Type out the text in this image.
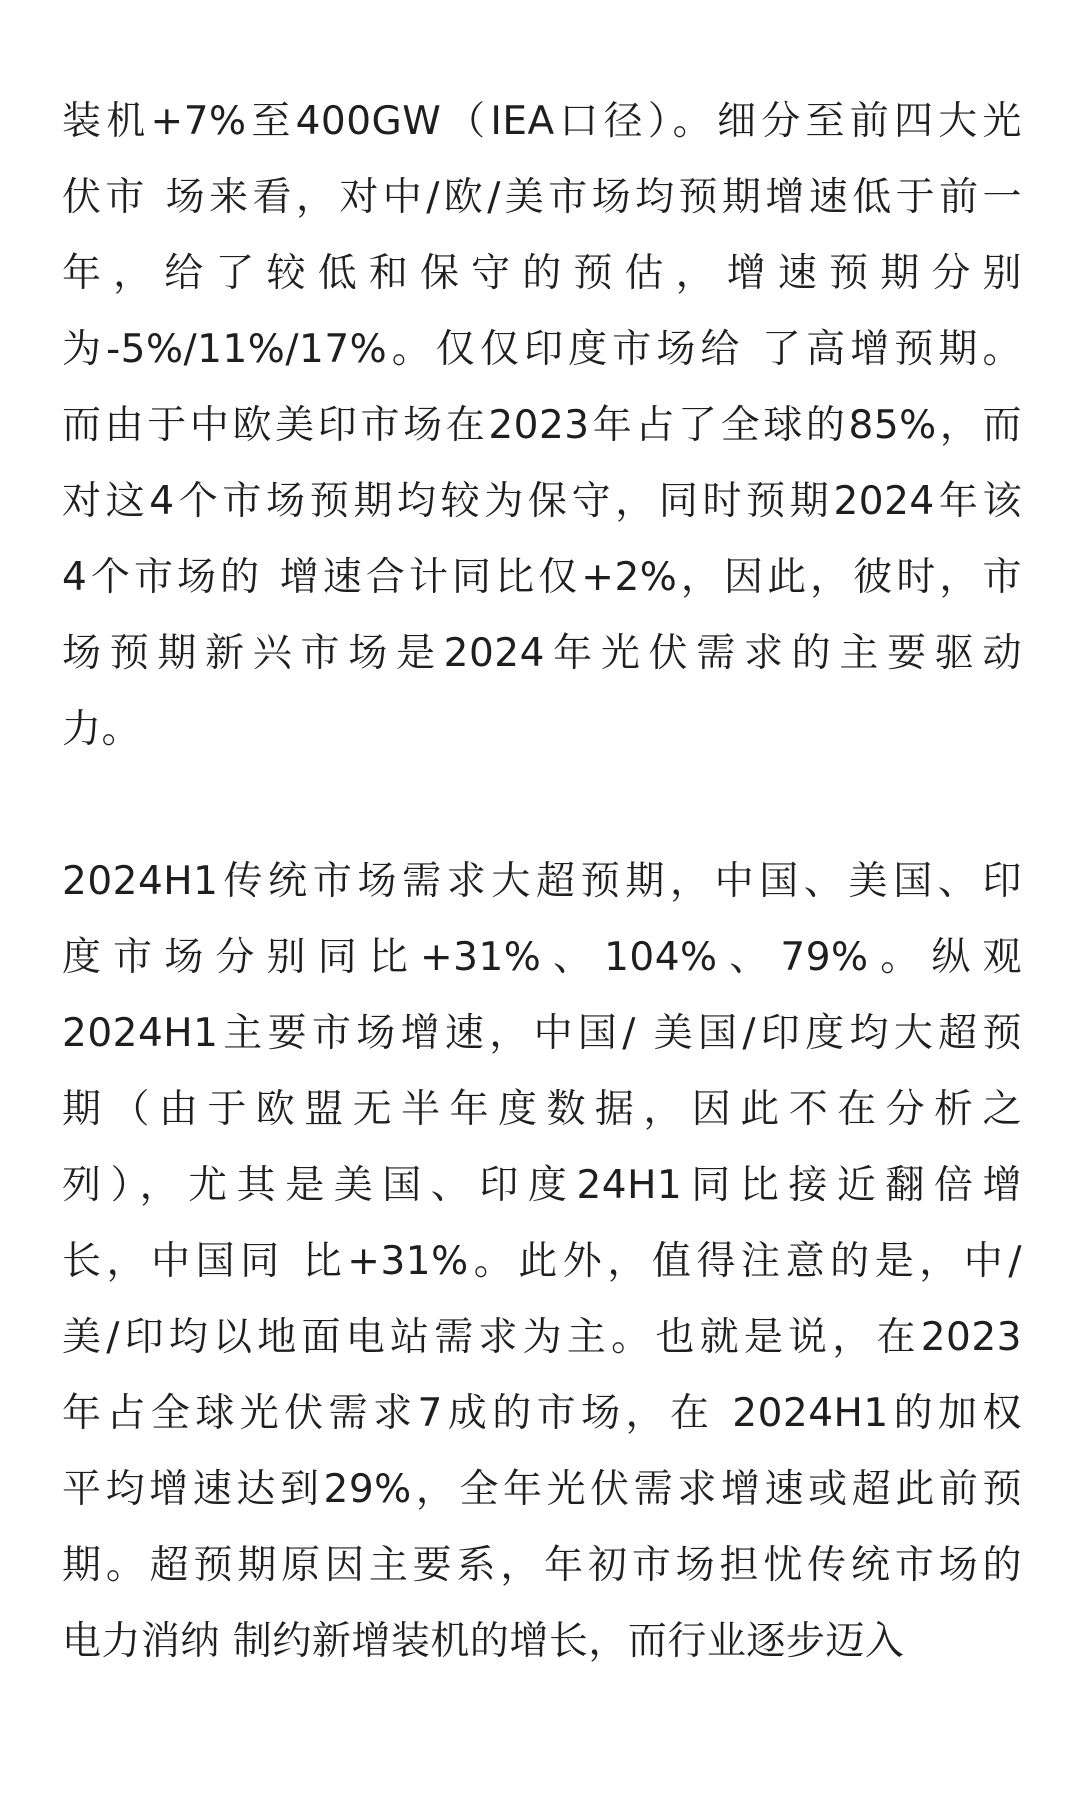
装机+7%至400GW（IEA口径）。细分至前四大光
伏市 场来看，对中/欧/美市场均预期增速低于前一
年，给了较低和保守的预估，增速预期分别
为-5%/11%/17%。仅仅印度市场给 了高增预期。
而由于中欧美印市场在2023年占了全球的85%，而
对这4个市场预期均较为保守，同时预期2024年该
4个市场的 增速合计同比仅+2%，因此，彼时，市
场预期新兴市场是2024年光伏需求的主要驱动
力。
2024H1传统市场需求大超预期，中国、美国、印
度市场分别同比+31%、104%、79%。纵观
2024H1主要市场增速，中国/ 美国/印度均大超预
期（由于欧盟无半年度数据，因此不在分析之
列），尤其是美国、印度24H1同比接近翻倍增
长，中国同 比+31%。此外，值得注意的是，中/
美/印均以地面电站需求为主。也就是说，在2023
年占全球光伏需求7成的市场，在 2024H1的加权
平均增速达到29%，全年光伏需求增速或超此前预
期。超预期原因主要系，年初市场担忧传统市场的
电力消纳 制约新增装机的增长，而行业逐步迈入
